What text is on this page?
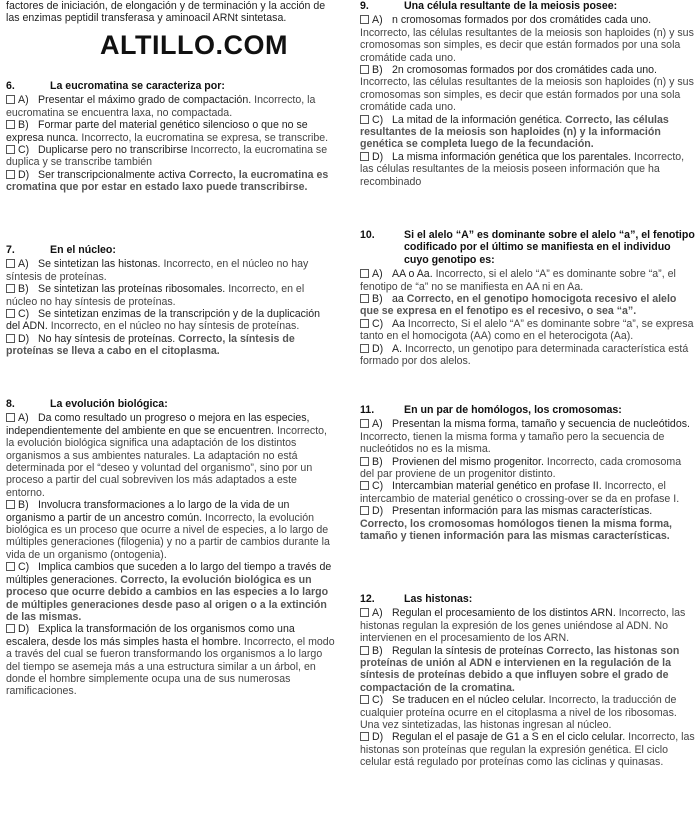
factores de iniciación, de elongación y de terminación y la acción de las enzimas peptidil transferasa y aminoacil ARNt sintetasa.
6.	La eucromatina se caracteriza por:
A) Presentar el máximo grado de compactación. Incorrecto, la eucromatina se encuentra laxa, no compactada.
B) Formar parte del material genético silencioso o que no se expresa nunca. Incorrecto, la eucromatina se expresa, se transcribe.
C) Duplicarse pero no transcribirse Incorrecto, la eucromatina se duplica y se transcribe también
D) Ser transcripcionalmente activa Correcto, la eucromatina es cromatina que por estar en estado laxo puede transcribirse.
7.	En el núcleo:
A) Se sintetizan las histonas. Incorrecto, en el núcleo no hay síntesis de proteínas.
B) Se sintetizan las proteínas ribosomales. Incorrecto, en el núcleo no hay síntesis de proteínas.
C) Se sintetizan enzimas de la transcripción y de la duplicación del ADN. Incorrecto, en el núcleo no hay síntesis de proteínas.
D) No hay síntesis de proteínas. Correcto, la síntesis de proteínas se lleva a cabo en el citoplasma.
8.	La evolución biológica:
A) Da como resultado un progreso o mejora en las especies, independientemente del ambiente en que se encuentren. Incorrecto, la evolución biológica significa una adaptación de los distintos organismos a sus ambientes naturales. La adaptación no está determinada por el “deseo y voluntad del organismo”, sino por un proceso a partir del cual sobreviven los más adaptados a este entorno.
B) Involucra transformaciones a lo largo de la vida de un organismo a partir de un ancestro común. Incorrecto, la evolución biológica es un proceso que ocurre a nivel de especies, a lo largo de múltiples generaciones (filogenia) y no a partir de cambios durante la vida de un organismo (ontogenia).
C) Implica cambios que suceden a lo largo del tiempo a través de múltiples generaciones. Correcto, la evolución biológica es un proceso que ocurre debido a cambios en las especies a lo largo de múltiples generaciones desde paso al origen o a la extinción de las mismas.
D) Explica la transformación de los organismos como una escalera, desde los más simples hasta el hombre. Incorrecto, el modo a través del cual se fueron transformando los organismos a lo largo del tiempo se asemeja más a una estructura similar a un árbol, en donde el hombre simplemente ocupa una de sus numerosas ramificaciones.
9.	Una célula resultante de la meiosis posee:
A) n cromosomas formados por dos cromátides cada uno. Incorrecto, las células resultantes de la meiosis son haploides (n) y sus cromosomas son simples, es decir que están formados por una sola cromátide cada uno.
B) 2n cromosomas formados por dos cromátides cada uno. Incorrecto, las células resultantes de la meiosis son haploides (n) y sus cromosomas son simples, es decir que están formados por una sola cromátide cada uno.
C) La mitad de la información genética. Correcto, las células resultantes de la meiosis son haploides (n) y la información genética se completa luego de la fecundación.
D) La misma información genética que los parentales. Incorrecto, las células resultantes de la meiosis poseen información que ha recombinado
10.	Si el alelo “A” es dominante sobre el alelo “a”, el fenotipo codificado por el último se manifiesta en el individuo cuyo genotipo es:
A) AA o Aa. Incorrecto, si el alelo “A” es dominante sobre “a”, el fenotipo de “a” no se manifiesta en AA ni en Aa.
B) aa Correcto, en el genotipo homocigota recesivo el alelo que se expresa en el fenotipo es el recesivo, o sea “a”.
C) Aa Incorrecto, Si el alelo “A” es dominante sobre “a”, se expresa tanto en el homocigota (AA) como en el heterocigota (Aa).
D) A. Incorrecto, un genotipo para determinada característica está formado por dos alelos.
11.	En un par de homólogos, los cromosomas:
A) Presentan la misma forma, tamaño y secuencia de nucleótidos. Incorrecto, tienen la misma forma y tamaño pero la secuencia de nucleótidos no es la misma.
B) Provienen del mismo progenitor. Incorrecto, cada cromosoma del par proviene de un progenitor distinto.
C) Intercambian material genético en profase II. Incorrecto, el intercambio de material genético o crossing-over se da en profase I.
D) Presentan información para las mismas características. Correcto, los cromosomas homólogos tienen la misma forma, tamaño y tienen información para las mismas características.
12.	Las histonas:
A) Regulan el procesamiento de los distintos ARN. Incorrecto, las histonas regulan la expresión de los genes uniéndose al ADN. No intervienen en el procesamiento de los ARN.
B) Regulan la síntesis de proteínas Correcto, las histonas son proteínas de unión al ADN e intervienen en la regulación de la síntesis de proteínas debido a que influyen sobre el grado de compactación de la cromatina.
C) Se traducen en el núcleo celular. Incorrecto, la traducción de cualquier proteína ocurre en el citoplasma a nivel de los ribosomas. Una vez sintetizadas, las histonas ingresan al núcleo.
D) Regulan el el pasaje de G1 a S en el ciclo celular. Incorrecto, las histonas son proteínas que regulan la expresión genética. El ciclo celular está regulado por proteínas como las ciclinas y quinasas.
ALTILLO.COM
